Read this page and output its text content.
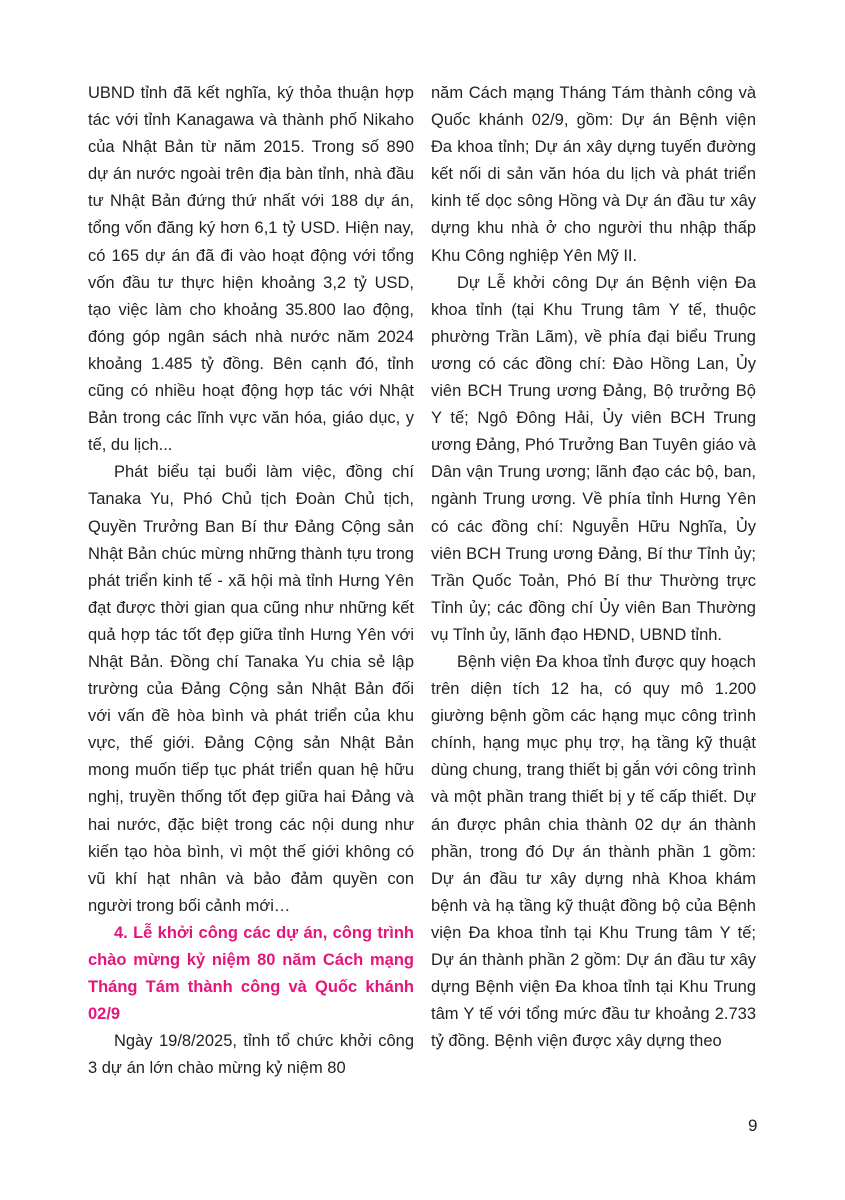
UBND tỉnh đã kết nghĩa, ký thỏa thuận hợp tác với tỉnh Kanagawa và thành phố Nikaho của Nhật Bản từ năm 2015. Trong số 890 dự án nước ngoài trên địa bàn tỉnh, nhà đầu tư Nhật Bản đứng thứ nhất với 188 dự án, tổng vốn đăng ký hơn 6,1 tỷ USD. Hiện nay, có 165 dự án đã đi vào hoạt động với tổng vốn đầu tư thực hiện khoảng 3,2 tỷ USD, tạo việc làm cho khoảng 35.800 lao động, đóng góp ngân sách nhà nước năm 2024 khoảng 1.485 tỷ đồng. Bên cạnh đó, tỉnh cũng có nhiều hoạt động hợp tác với Nhật Bản trong các lĩnh vực văn hóa, giáo dục, y tế, du lịch...

Phát biểu tại buổi làm việc, đồng chí Tanaka Yu, Phó Chủ tịch Đoàn Chủ tịch, Quyền Trưởng Ban Bí thư Đảng Cộng sản Nhật Bản chúc mừng những thành tựu trong phát triển kinh tế - xã hội mà tỉnh Hưng Yên đạt được thời gian qua cũng như những kết quả hợp tác tốt đẹp giữa tỉnh Hưng Yên với Nhật Bản. Đồng chí Tanaka Yu chia sẻ lập trường của Đảng Cộng sản Nhật Bản đối với vấn đề hòa bình và phát triển của khu vực, thế giới. Đảng Cộng sản Nhật Bản mong muốn tiếp tục phát triển quan hệ hữu nghị, truyền thống tốt đẹp giữa hai Đảng và hai nước, đặc biệt trong các nội dung như kiến tạo hòa bình, vì một thế giới không có vũ khí hạt nhân và bảo đảm quyền con người trong bối cảnh mới…

4. Lễ khởi công các dự án, công trình chào mừng kỷ niệm 80 năm Cách mạng Tháng Tám thành công và Quốc khánh 02/9

Ngày 19/8/2025, tỉnh tổ chức khởi công 3 dự án lớn chào mừng kỷ niệm 80

năm Cách mạng Tháng Tám thành công và Quốc khánh 02/9, gồm: Dự án Bệnh viện Đa khoa tỉnh; Dự án xây dựng tuyến đường kết nối di sản văn hóa du lịch và phát triển kinh tế dọc sông Hồng và Dự án đầu tư xây dựng khu nhà ở cho người thu nhập thấp Khu Công nghiệp Yên Mỹ II.

Dự Lễ khởi công Dự án Bệnh viện Đa khoa tỉnh (tại Khu Trung tâm Y tế, thuộc phường Trần Lãm), về phía đại biểu Trung ương có các đồng chí: Đào Hồng Lan, Ủy viên BCH Trung ương Đảng, Bộ trưởng Bộ Y tế; Ngô Đông Hải, Ủy viên BCH Trung ương Đảng, Phó Trưởng Ban Tuyên giáo và Dân vận Trung ương; lãnh đạo các bộ, ban, ngành Trung ương. Về phía tỉnh Hưng Yên có các đồng chí: Nguyễn Hữu Nghĩa, Ủy viên BCH Trung ương Đảng, Bí thư Tỉnh ủy; Trần Quốc Toản, Phó Bí thư Thường trực Tỉnh ủy; các đồng chí Ủy viên Ban Thường vụ Tỉnh ủy, lãnh đạo HĐND, UBND tỉnh.

Bệnh viện Đa khoa tỉnh được quy hoạch trên diện tích 12 ha, có quy mô 1.200 giường bệnh gồm các hạng mục công trình chính, hạng mục phụ trợ, hạ tầng kỹ thuật dùng chung, trang thiết bị gắn với công trình và một phần trang thiết bị y tế cấp thiết. Dự án được phân chia thành 02 dự án thành phần, trong đó Dự án thành phần 1 gồm: Dự án đầu tư xây dựng nhà Khoa khám bệnh và hạ tầng kỹ thuật đồng bộ của Bệnh viện Đa khoa tỉnh tại Khu Trung tâm Y tế; Dự án thành phần 2 gồm: Dự án đầu tư xây dựng Bệnh viện Đa khoa tỉnh tại Khu Trung tâm Y tế với tổng mức đầu tư khoảng 2.733 tỷ đồng. Bệnh viện được xây dựng theo

9
